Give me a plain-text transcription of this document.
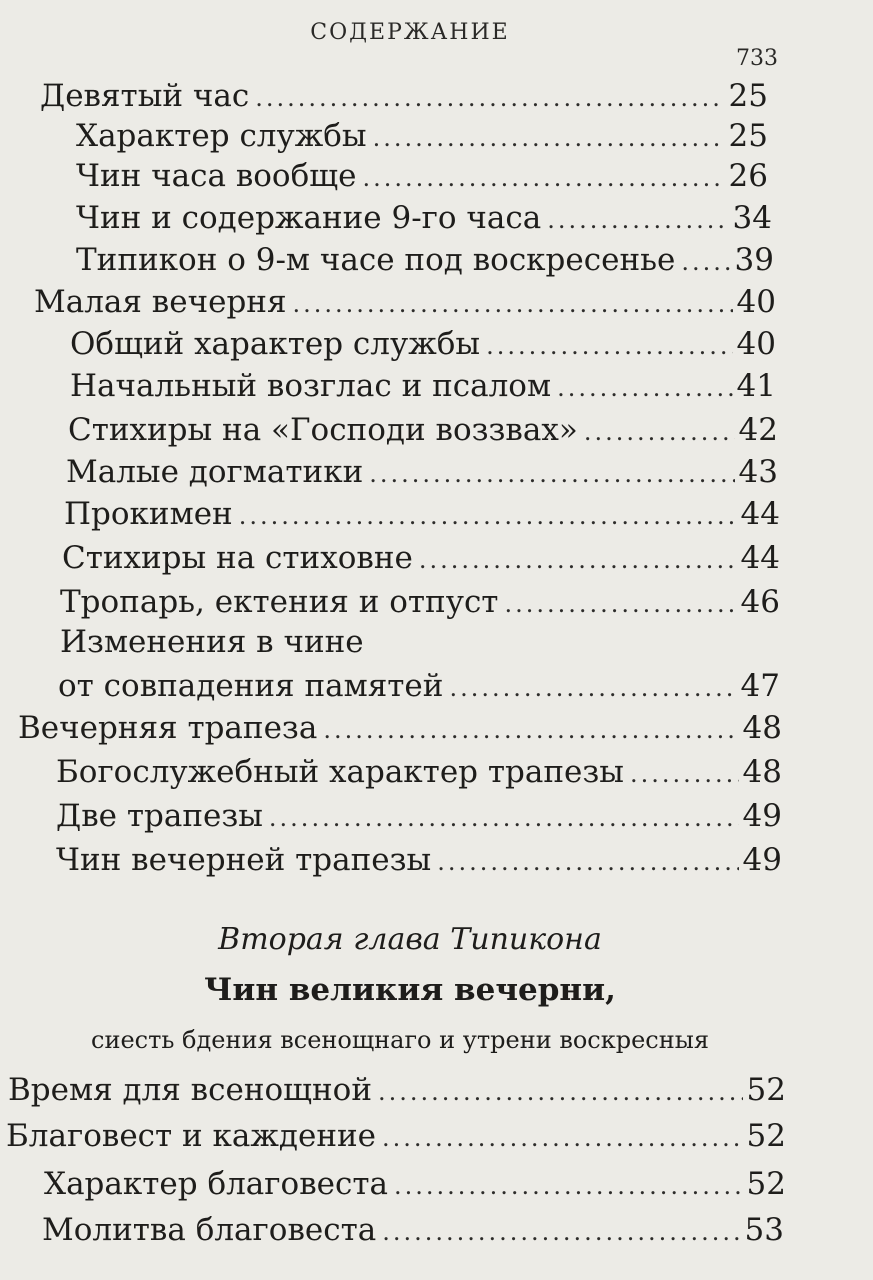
СОДЕРЖАНИЕ
733
Девятый час .....	25
Характер службы .....	25
Чин часа вообще .....	26
Чин и содержание 9-го часа .....	34
Типикон о 9-м часе под воскресенье ..... 39
Малая вечерня .....	40
Общий характер службы .....	40
Начальный возглас и псалом .....	41
Стихиры на «Господи воззвах» .....	42
Малые догматики .....	43
Прокимен .....	44
Стихиры на стиховне .....	44
Тропарь, ектения и отпуст .....	46
Изменения в чине
от совпадения памятей .....	47
Вечерняя трапеза .....	48
Богослужебный характер трапезы .....	48
Две трапезы .....	49
Чин вечерней трапезы .....	49
Вторая глава Типикона
Чин великия вечерни,
сиесть бдения всенощнаго и утрени воскресныя
Время для всенощной .....	52
Благовест и каждение .....	52
Характер благовеста .....	52
Молитва благовеста .....	53
